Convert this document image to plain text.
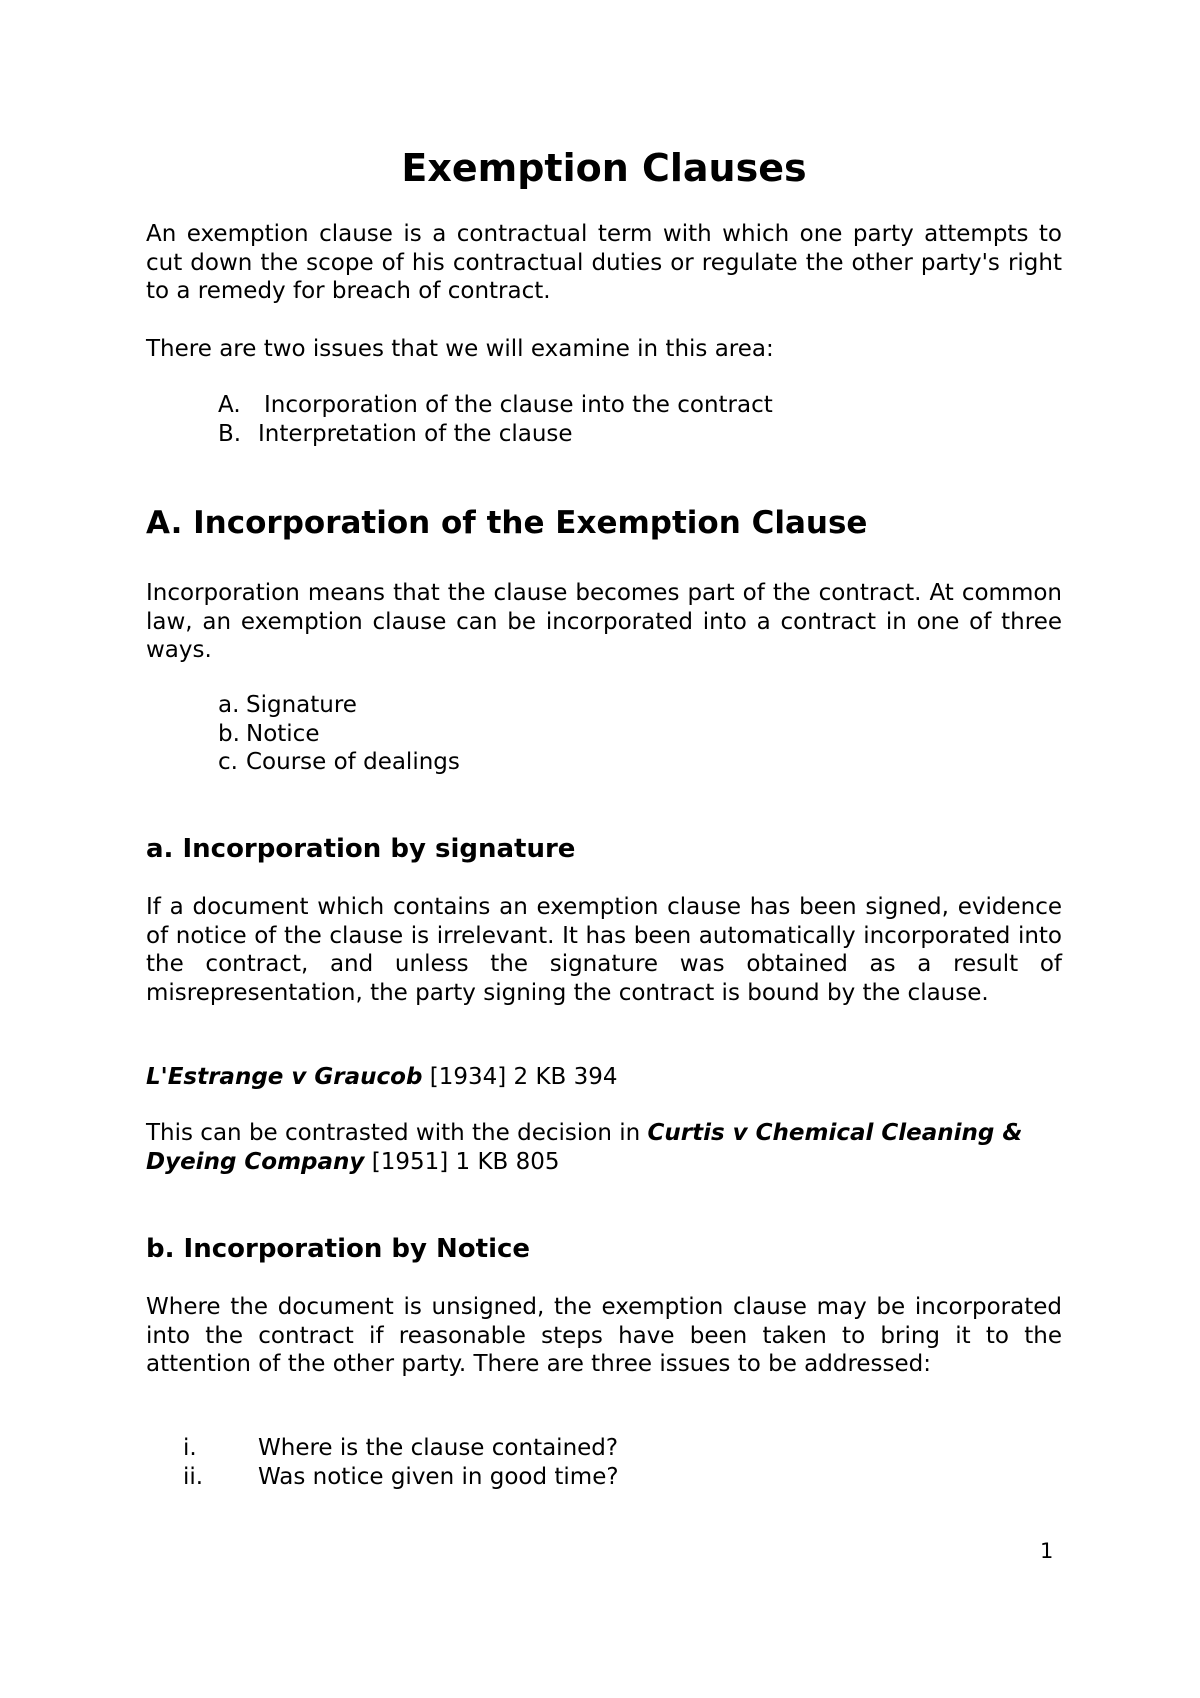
Exemption Clauses

An exemption clause is a contractual term with which one party attempts to cut down the scope of his contractual duties or regulate the other party's right to a remedy for breach of contract.

There are two issues that we will examine in this area:

A. Incorporation of the clause into the contract
B. Interpretation of the clause
A. Incorporation of the Exemption Clause

Incorporation means that the clause becomes part of the contract. At common law, an exemption clause can be incorporated into a contract in one of three ways.

a. Signature
b. Notice
c. Course of dealings
a. Incorporation by signature

If a document which contains an exemption clause has been signed, evidence of notice of the clause is irrelevant. It has been automatically incorporated into the contract, and unless the signature was obtained as a result of misrepresentation, the party signing the contract is bound by the clause.

L'Estrange v Graucob [1934] 2 KB 394

This can be contrasted with the decision in Curtis v Chemical Cleaning & Dyeing Company [1951] 1 KB 805

b. Incorporation by Notice

Where the document is unsigned, the exemption clause may be incorporated into the contract if reasonable steps have been taken to bring it to the attention of the other party. There are three issues to be addressed:

i.	Where is the clause contained?
ii. Was notice given in good time?
1
